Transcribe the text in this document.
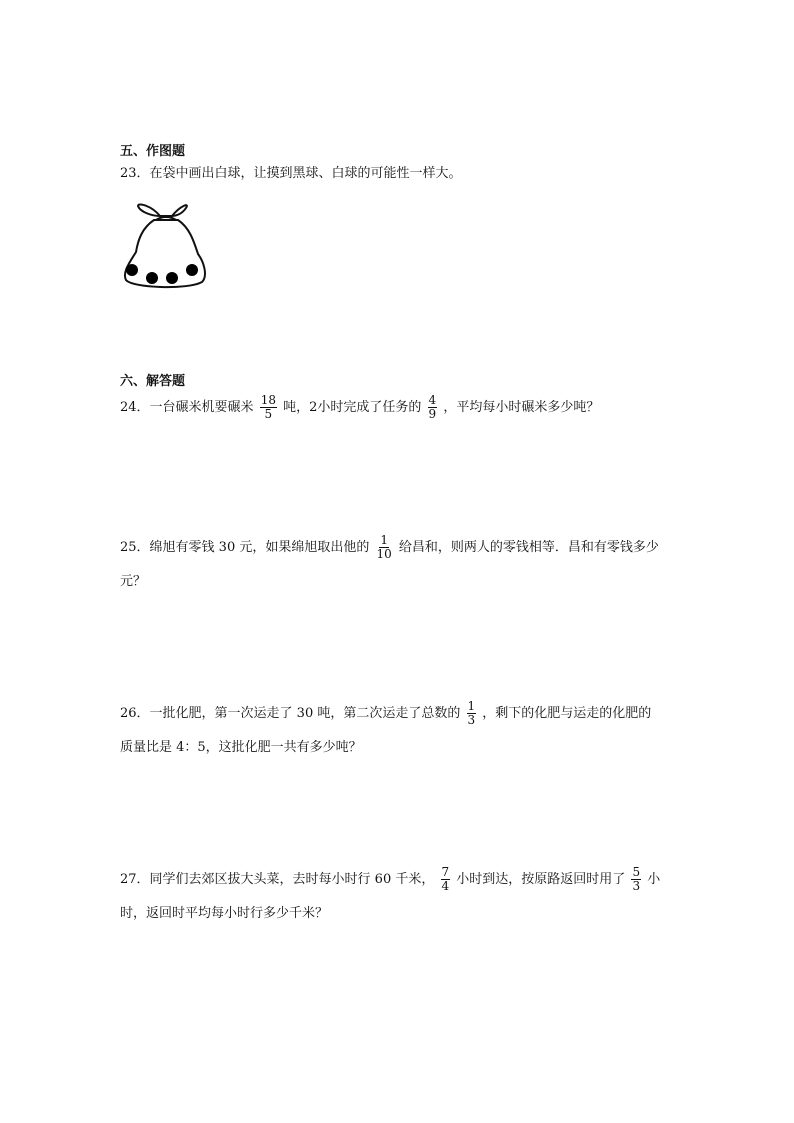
五、作图题
23．在袋中画出白球，让摸到黑球、白球的可能性一样大。
六、解答题
24．一台碾米机要碾米 $\frac{18}{5}$ 吨，2小时完成了任务的 $\frac{4}{9}$ ，平均每小时碾米多少吨？
25．绵旭有零钱 30 元，如果绵旭取出他的 $\frac{1}{10}$ 给昌和，则两人的零钱相等．昌和有零钱多少
元？
26．一批化肥，第一次运走了 30 吨，第二次运走了总数的 $\frac{1}{3}$ ，剩下的化肥与运走的化肥的
质量比是 4：5，这批化肥一共有多少吨？
27．同学们去郊区拔大头菜，去时每小时行 60 千米， $\frac{7}{4}$ 小时到达，按原路返回时用了 $\frac{5}{3}$ 小
时，返回时平均每小时行多少千米？
